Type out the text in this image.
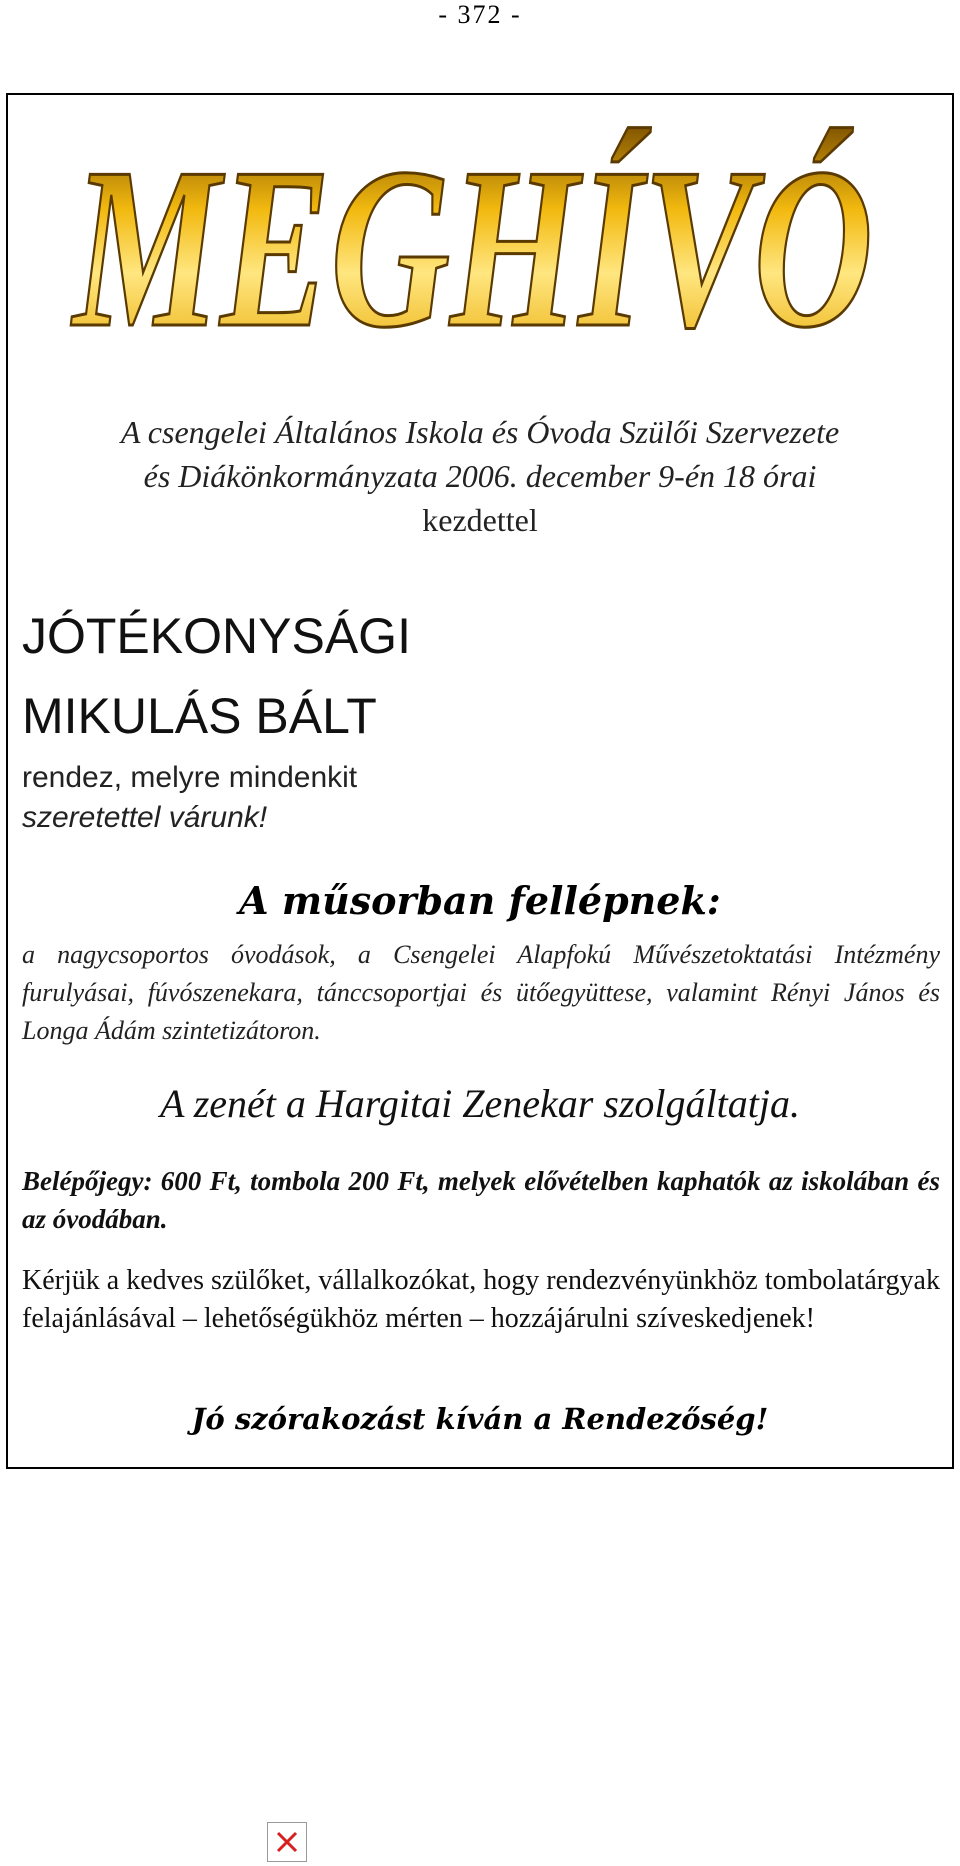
- 372 -
MEGHÍVÓ
A csengelei Általános Iskola és Óvoda Szülői Szervezete
és Diákönkormányzata 2006. december 9-én 18 órai
kezdettel
JÓTÉKONYSÁGI
MIKULÁS BÁLT
rendez, melyre mindenkit
szeretettel várunk!
A műsorban fellépnek:
a nagycsoportos óvodások, a Csengelei Alapfokú Művészetoktatási Intézmény furulyásai, fúvószenekara, tánccsoportjai és ütőegyüttese, valamint Rényi János és Longa Ádám szintetizátoron.
A zenét a Hargitai Zenekar szolgáltatja.
Belépőjegy: 600 Ft, tombola 200 Ft, melyek elővételben kaphatók az iskolában és az óvodában.
Kérjük a kedves szülőket, vállalkozókat, hogy rendezvényünkhöz tombolatárgyak felajánlásával – lehetőségükhöz mérten – hozzájárulni szíveskedjenek!
Jó szórakozást kíván a Rendezőség!
